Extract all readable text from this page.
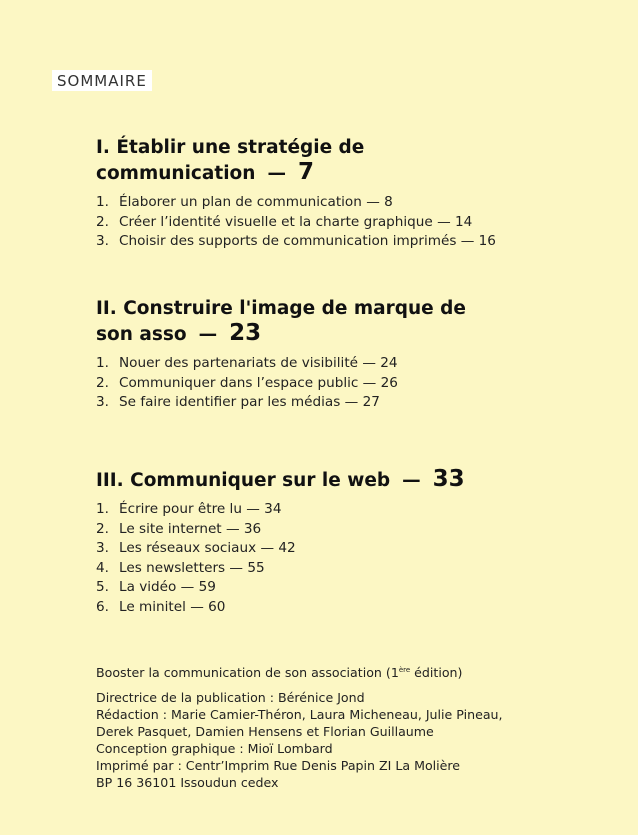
SOMMAIRE
I. Établir une stratégie de
communication — 7
1. Élaborer un plan de communication — 8
2. Créer l’identité visuelle et la charte graphique — 14
3. Choisir des supports de communication imprimés — 16
II. Construire l'image de marque de
son asso — 23
1. Nouer des partenariats de visibilité — 24
2. Communiquer dans l’espace public — 26
3. Se faire identifier par les médias — 27
III. Communiquer sur le web — 33
1. Écrire pour être lu — 34
2. Le site internet — 36
3. Les réseaux sociaux — 42
4. Les newsletters — 55
5. La vidéo — 59
6. Le minitel — 60
Booster la communication de son association (1ère édition)
Directrice de la publication : Bérénice Jond
Rédaction : Marie Camier-Théron, Laura Micheneau, Julie Pineau,
Derek Pasquet, Damien Hensens et Florian Guillaume
Conception graphique : Mioï Lombard
Imprimé par : Centr’Imprim Rue Denis Papin ZI La Molière
BP 16 36101 Issoudun cedex
